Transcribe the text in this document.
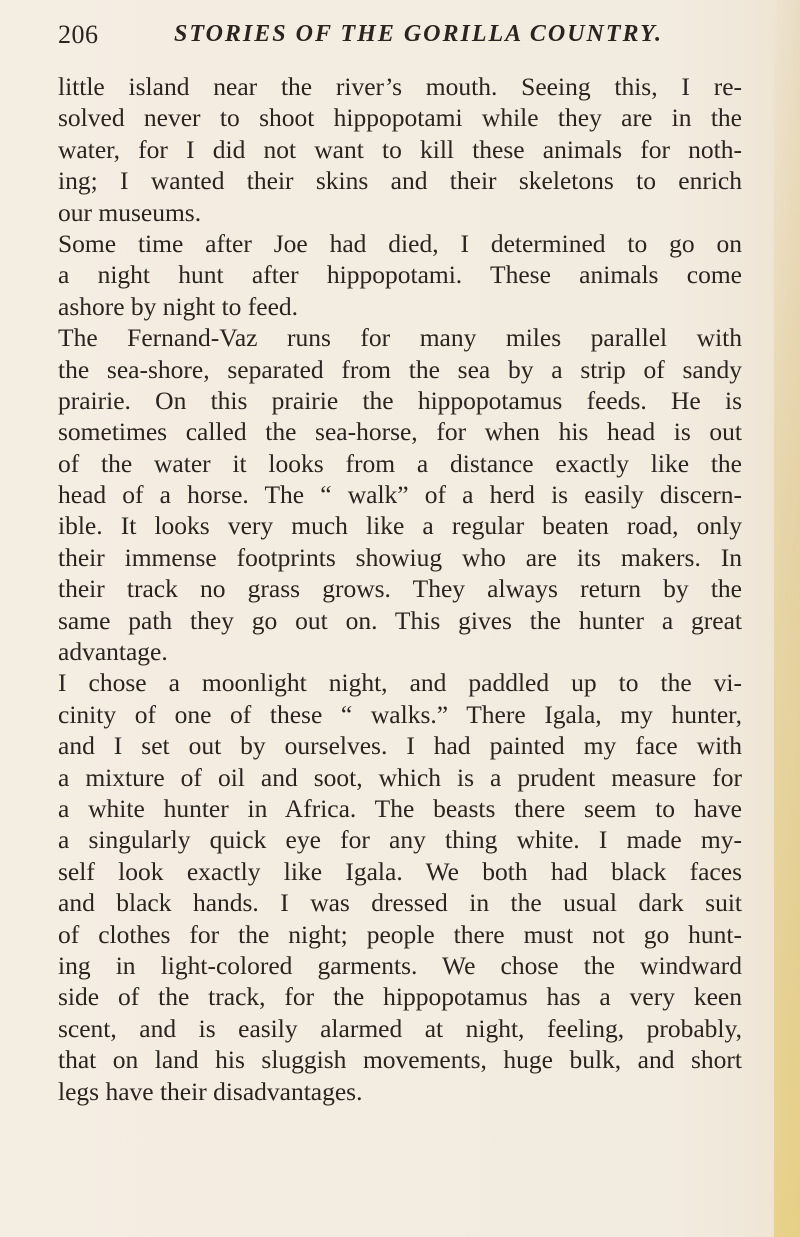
206	STORIES OF THE GORILLA COUNTRY.
little island near the river’s mouth. Seeing this, I re-
solved never to shoot hippopotami while they are in the
water, for I did not want to kill these animals for noth-
ing; I wanted their skins and their skeletons to enrich
our museums.
Some time after Joe had died, I determined to go on
a night hunt after hippopotami. These animals come
ashore by night to feed.
The Fernand-Vaz runs for many miles parallel with
the sea-shore, separated from the sea by a strip of sandy
prairie. On this prairie the hippopotamus feeds. He is
sometimes called the sea-horse, for when his head is out
of the water it looks from a distance exactly like the
head of a horse. The “ walk” of a herd is easily discern-
ible. It looks very much like a regular beaten road, only
their immense footprints showiug who are its makers. In
their track no grass grows. They always return by the
same path they go out on. This gives the hunter a great
advantage.
I chose a moonlight night, and paddled up to the vi-
cinity of one of these “ walks.” There Igala, my hunter,
and I set out by ourselves. I had painted my face with
a mixture of oil and soot, which is a prudent measure for
a white hunter in Africa. The beasts there seem to have
a singularly quick eye for any thing white. I made my-
self look exactly like Igala. We both had black faces
and black hands. I was dressed in the usual dark suit
of clothes for the night; people there must not go hunt-
ing in light-colored garments. We chose the windward
side of the track, for the hippopotamus has a very keen
scent, and is easily alarmed at night, feeling, probably,
that on land his sluggish movements, huge bulk, and short
legs have their disadvantages.
